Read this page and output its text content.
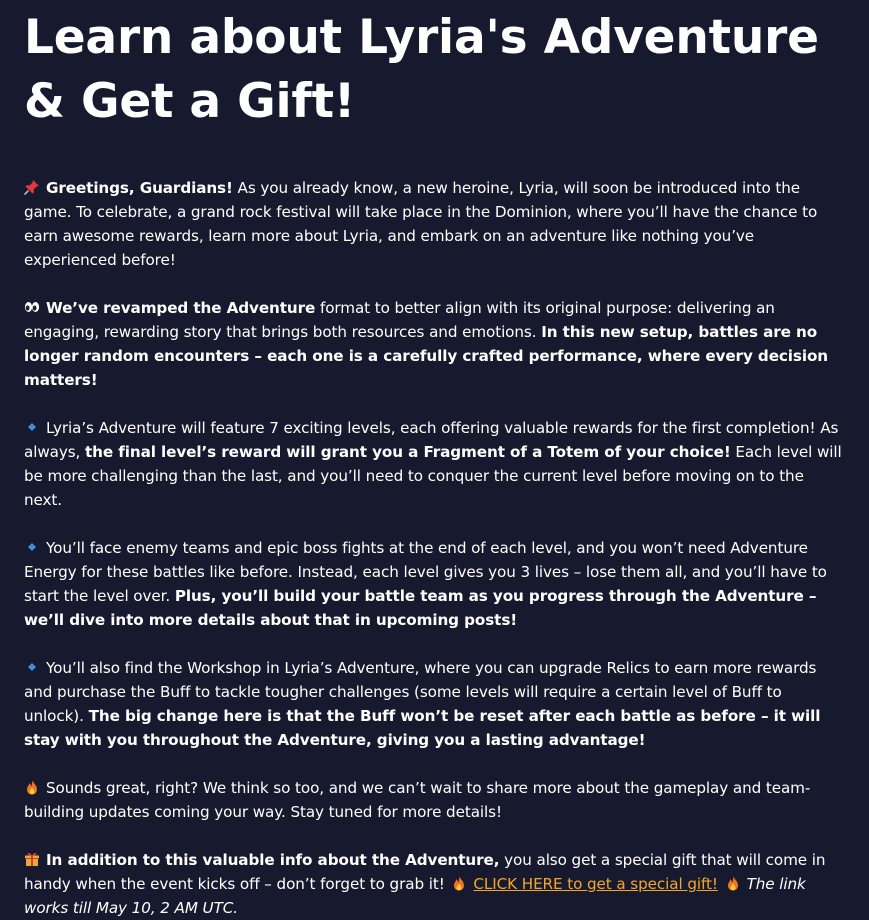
Learn about Lyria's Adventure & Get a Gift!

Greetings, Guardians! As you already know, a new heroine, Lyria, will soon be introduced into the game. To celebrate, a grand rock festival will take place in the Dominion, where you’ll have the chance to earn awesome rewards, learn more about Lyria, and embark on an adventure like nothing you’ve experienced before!

We’ve revamped the Adventure format to better align with its original purpose: delivering an engaging, rewarding story that brings both resources and emotions. In this new setup, battles are no longer random encounters – each one is a carefully crafted performance, where every decision matters!

Lyria’s Adventure will feature 7 exciting levels, each offering valuable rewards for the first completion! As always, the final level’s reward will grant you a Fragment of a Totem of your choice! Each level will be more challenging than the last, and you’ll need to conquer the current level before moving on to the next.

You’ll face enemy teams and epic boss fights at the end of each level, and you won’t need Adventure Energy for these battles like before. Instead, each level gives you 3 lives – lose them all, and you’ll have to start the level over. Plus, you’ll build your battle team as you progress through the Adventure – we’ll dive into more details about that in upcoming posts!

You’ll also find the Workshop in Lyria’s Adventure, where you can upgrade Relics to earn more rewards and purchase the Buff to tackle tougher challenges (some levels will require a certain level of Buff to unlock). The big change here is that the Buff won’t be reset after each battle as before – it will stay with you throughout the Adventure, giving you a lasting advantage!

Sounds great, right? We think so too, and we can’t wait to share more about the gameplay and team-building updates coming your way. Stay tuned for more details!

In addition to this valuable info about the Adventure, you also get a special gift that will come in handy when the event kicks off – don’t forget to grab it! CLICK HERE to get a special gift! The link works till May 10, 2 AM UTC.
